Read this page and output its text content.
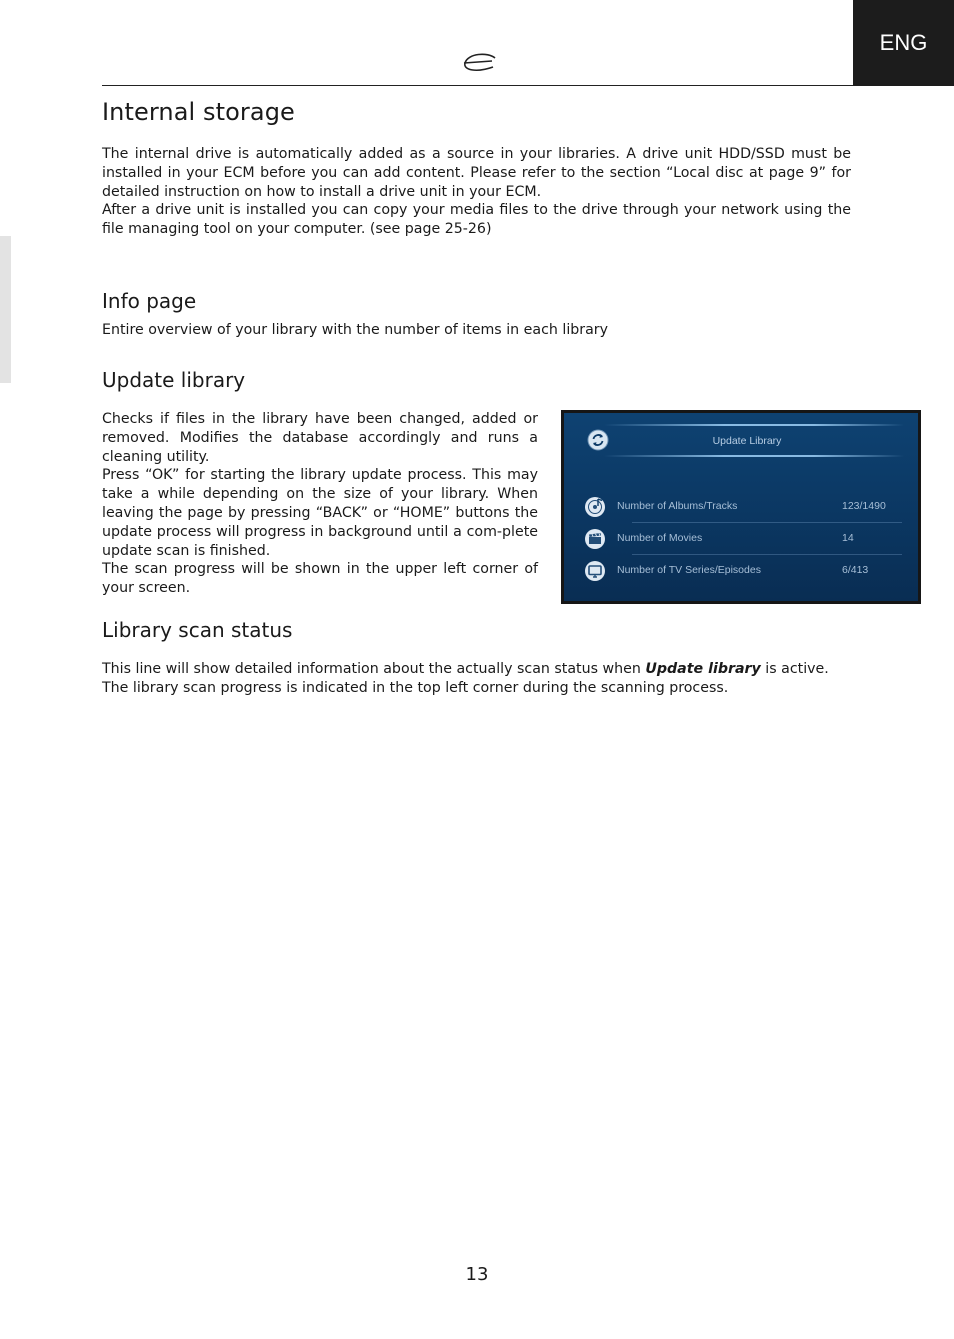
ENG
Internal storage

The internal drive is automatically added as a source in your libraries. A drive unit HDD/SSD must be installed in your ECM before you can add content. Please refer to the section “Local disc at page 9” for detailed instruction on how to install a drive unit in your ECM.

After a drive unit is installed you can copy your media files to the drive through your network using the file managing tool on your computer. (see page 25-26)

Info page

Entire overview of your library with the number of items in each library

Update library

Checks if files in the library have been changed, added or removed. Modifies the database accordingly and runs a cleaning utility.

Press “OK” for starting the library update process. This may take a while depending on the size of your library. When leaving the page by pressing “BACK” or “HOME” buttons the update process will progress in background until a com-plete update scan is finished.

The scan progress will be shown in the upper left corner of your screen.

Update Library
Number of Albums/Tracks	123/1490
Number of Movies	14
Number of TV Series/Episodes	6/413
Library scan status

This line will show detailed information about the actually scan status when Update library is active.

The library scan progress is indicated in the top left corner during the scanning process.

13
